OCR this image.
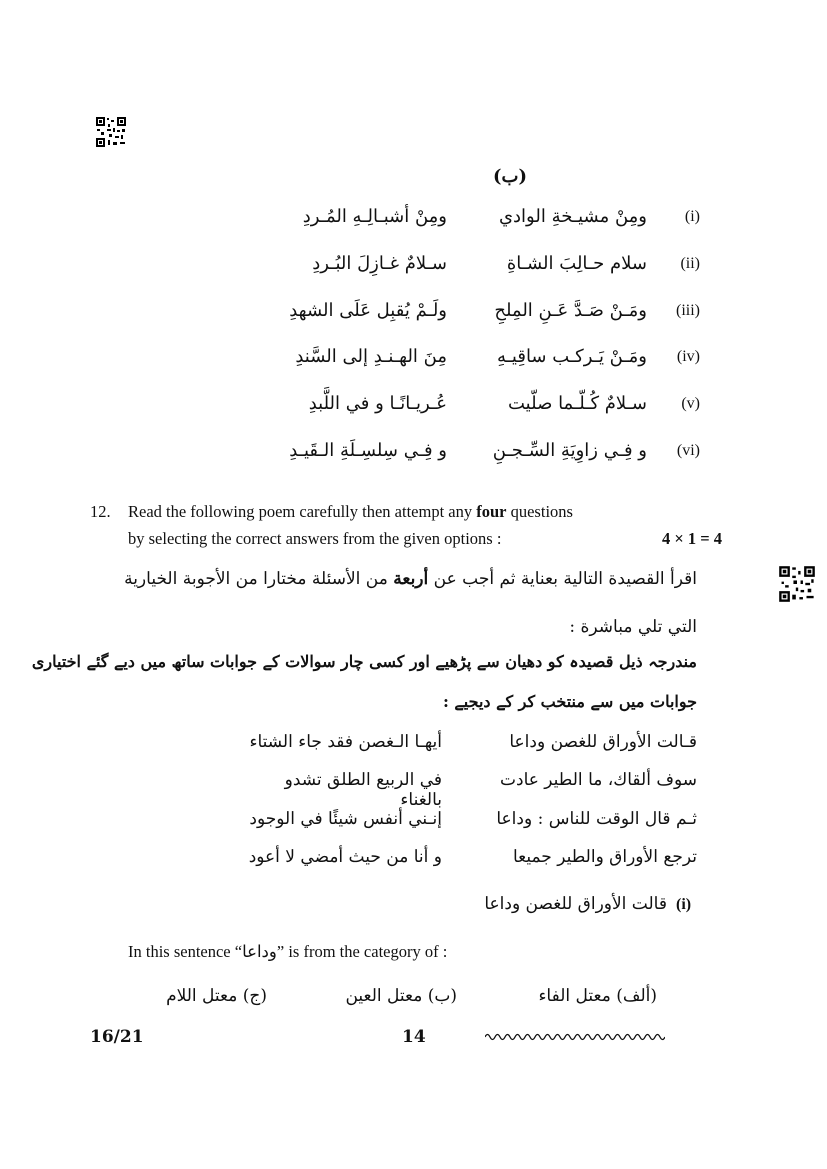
(ب)
(i)
ومِنْ مشيـخةِ الوادي
ومِنْ أشبـالِـهِ المُـردِ
(ii)
سلام حـالِبَ الشـاةِ
سـلامٌ غـازِلَ البُـردِ
(iii)
ومَـنْ صَـدَّ عَـنِ المِلحِ
ولَـمْ يُقبِل عَلَى الشهدِ
(iv)
ومَـنْ يَـركـب ساقِيـهِ
مِنَ الهـنـدِ إلى السَّندِ
(v)
سـلامٌ كُـلّـما صلّيت
عُـريـانًـا و في اللَّبدِ
(vi)
و فِـي زاوِيَةِ السِّـجـنِ
و فِـي سِلسِـلَةِ الـقَيـدِ
12. Read the following poem carefully then attempt any four questions
by selecting the correct answers from the given options :	4 × 1 = 4
اقرأ القصيدة التالية بعناية ثم أجب عن أربعة من الأسئلة مختارا من الأجوبة الخيارية
التي تلي مباشرة :
مندرجہ ذیل قصیدہ کو دھیان سے پڑھیے اور کسی چار سوالات کے جوابات ساتھ میں دیے گئے اختیاری
جوابات میں سے منتخب کر کے دیجیے :
قـالت الأوراق للغصن وداعا
أيهـا الـغصن فقد جاء الشتاء
سوف ألقاك، ما الطير عادت
في الربيع الطلق تشدو بالغناء
ثـم قال الوقت للناس : وداعا
إنـني أنفس شيئًا في الوجود
ترجع الأوراق والطير جميعا
و أنا من حيث أمضي لا أعود
(i)
قالت الأوراق للغصن وداعا
In this sentence “وداعا” is from the category of :
(ألف) معتل الفاء
(ب) معتل العين
(ج) معتل اللام
16/21	14
